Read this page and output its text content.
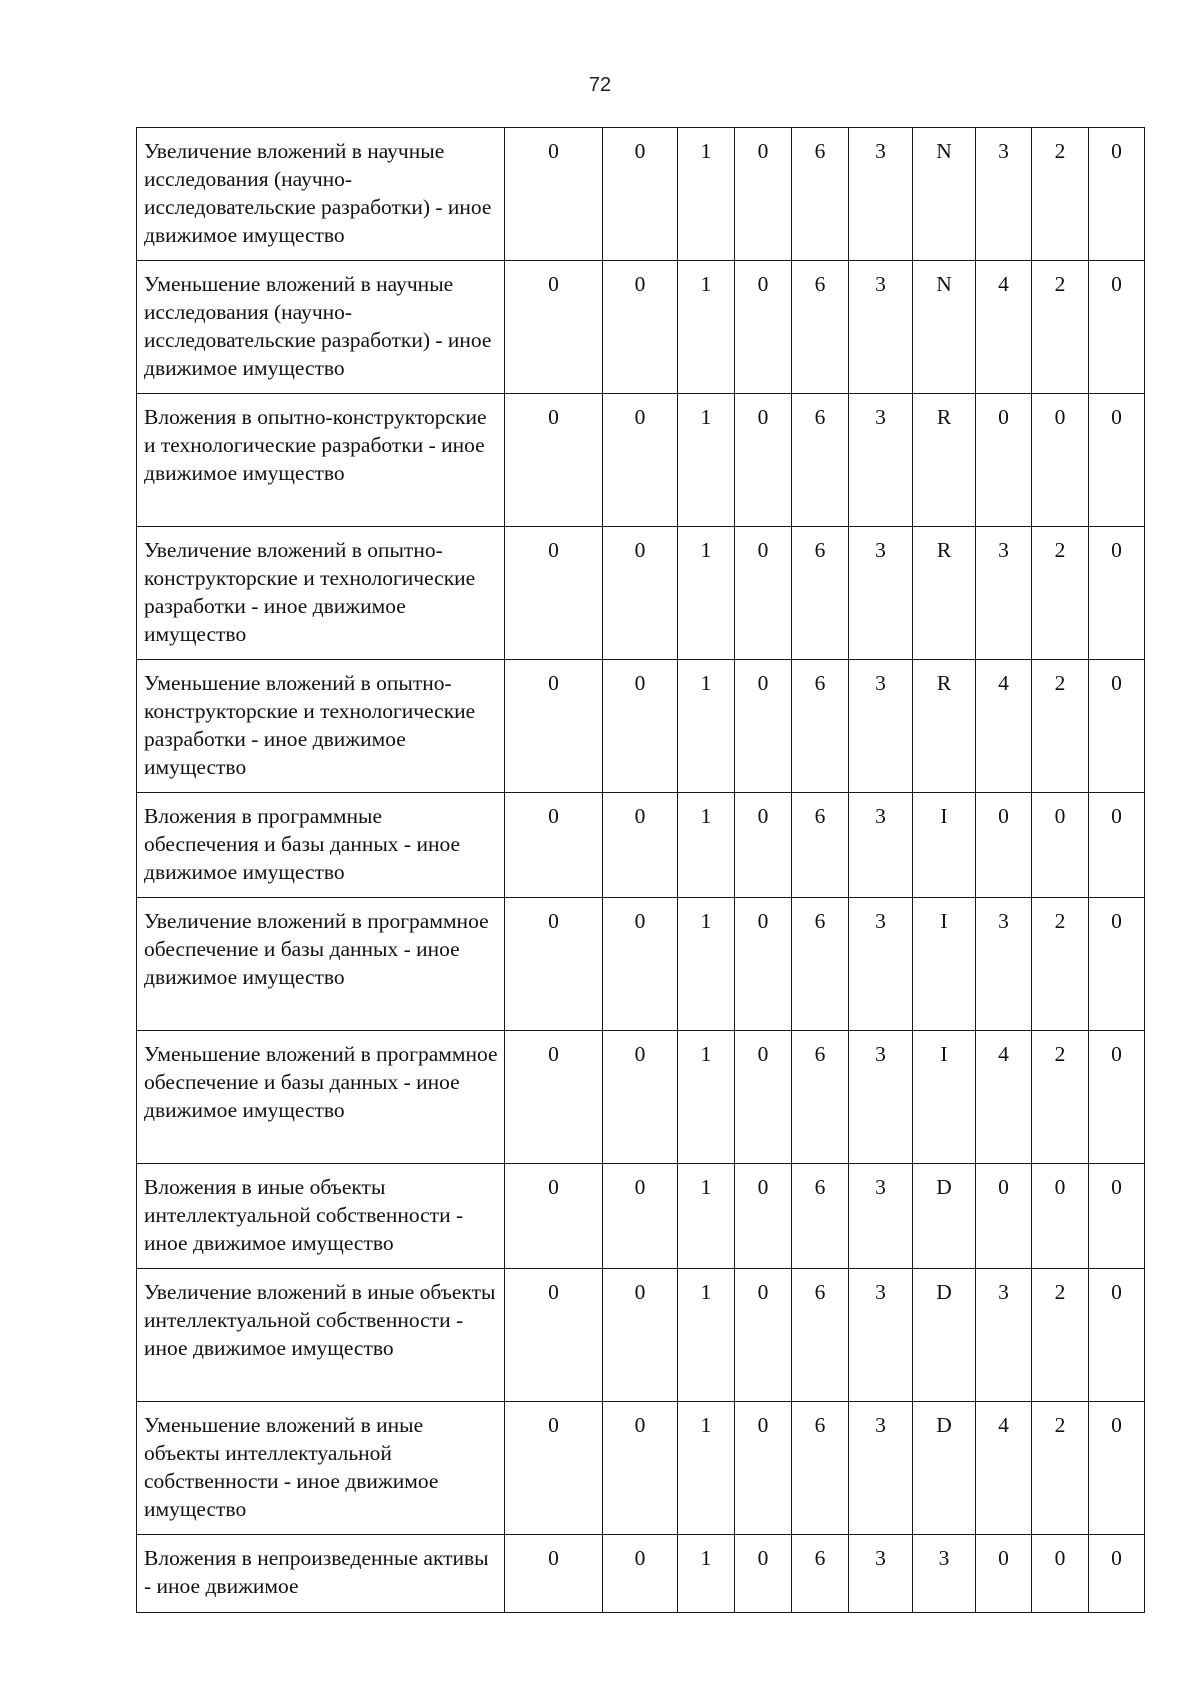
72
Увеличение вложений в научные исследования (научно-исследовательские разработки) - иное движимое имущество	0	0	1	0	6	3	N	3	2	0
Уменьшение вложений в научные исследования (научно-исследовательские разработки) - иное движимое имущество	0	0	1	0	6	3	N	4	2	0
Вложения в опытно-конструкторские и технологические разработки - иное движимое имущество	0	0	1	0	6	3	R	0	0	0
Увеличение вложений в опытно-конструкторские и технологические разработки - иное движимое имущество	0	0	1	0	6	3	R	3	2	0
Уменьшение вложений в опытно-конструкторские и технологические разработки - иное движимое имущество	0	0	1	0	6	3	R	4	2	0
Вложения в программные обеспечения и базы данных - иное движимое имущество	0	0	1	0	6	3	I	0	0	0
Увеличение вложений в программное обеспечение и базы данных - иное движимое имущество	0	0	1	0	6	3	I	3	2	0
Уменьшение вложений в программное обеспечение и базы данных - иное движимое имущество	0	0	1	0	6	3	I	4	2	0
Вложения в иные объекты интеллектуальной собственности - иное движимое имущество	0	0	1	0	6	3	D	0	0	0
Увеличение вложений в иные объекты интеллектуальной собственности - иное движимое имущество	0	0	1	0	6	3	D	3	2	0
Уменьшение вложений в иные объекты интеллектуальной собственности - иное движимое имущество	0	0	1	0	6	3	D	4	2	0
Вложения в непроизведенные активы - иное движимое	0	0	1	0	6	3	3	0	0	0
